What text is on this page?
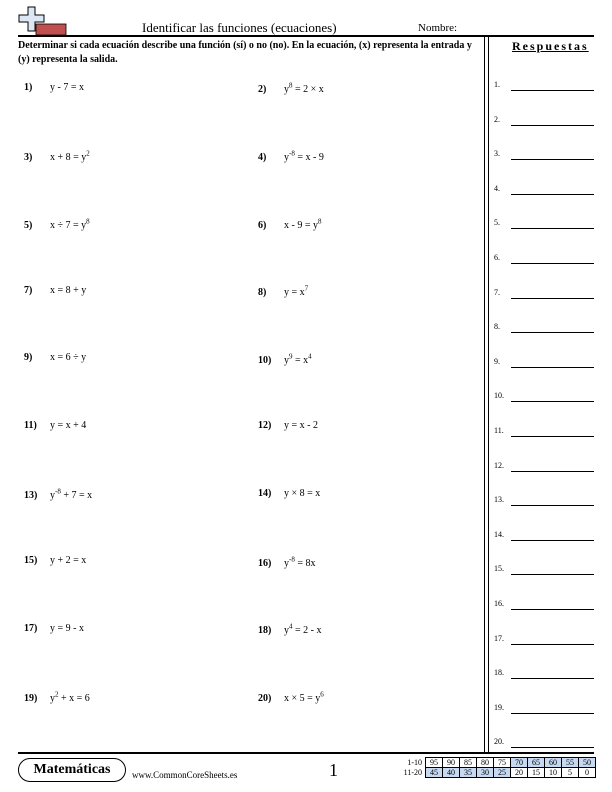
Identificar las funciones (ecuaciones)	Nombre:
Determinar si cada ecuación describe una función (sí) o no (no). En la ecuación, (x) representa la entrada y (y) representa la salida.
Respuestas
1.
2.
3.
4.
5.
6.
7.
8.
9.
10.
11.
12.
13.
14.
15.
16.
17.
18.
19.
20.
1) y - 7 = x	2) $y^8 = 2 \times x$
3) $x + 8 = y^2$	4) $y^{-8} = x - 9$
5) $x \div 7 = y^8$	6) $x - 9 = y^8$
7) x = 8 + y	8) $y = x^7$
9) x = 6 ÷ y	10) $y^9 = x^4$
11) y = x + 4	12) y = x - 2
13) $y^{-8} + 7 = x$	14) y × 8 = x
15) y + 2 = x	16) $y^{-8} = 8x$
17) y = 9 - x	18) $y^4 = 2 - x$
19) $y^2 + x = 6$	20) $x \times 5 = y^6$
Matemáticas	www.CommonCoreSheets.es	1	1-10	95	90	85	80	75	70	65	60	55	50
11-20	45	40	35	30	25	20	15	10	5	0
